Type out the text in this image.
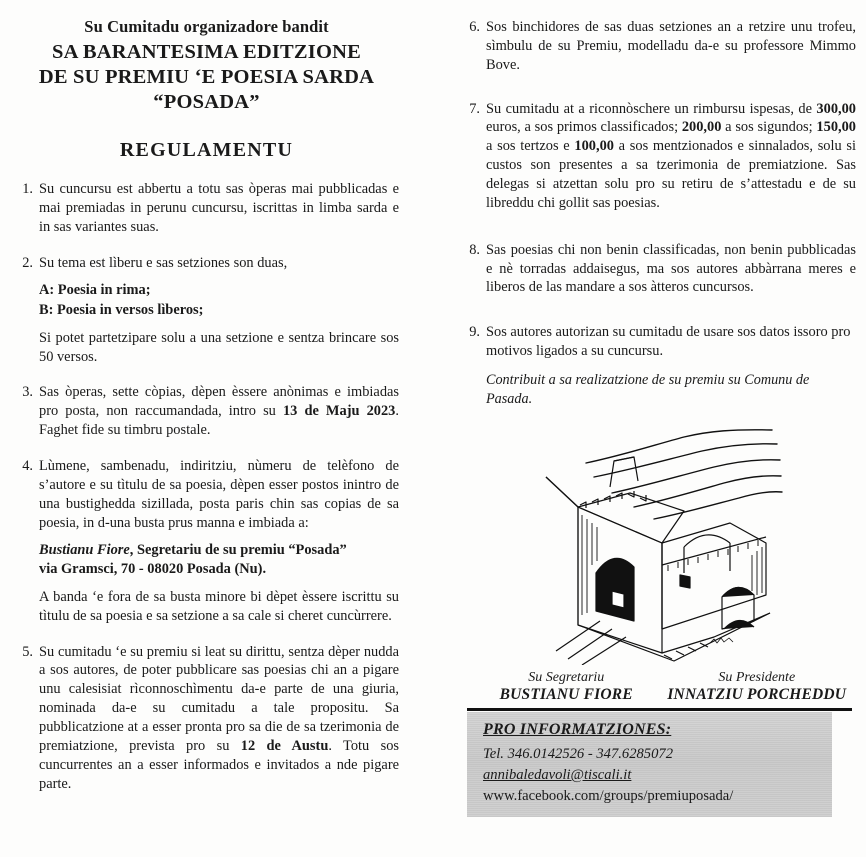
Su Cumitadu organizadore bandit
SA BARANTESIMA EDITZIONE
DE SU PREMIU ‘E POESIA SARDA
“POSADA”
REGULAMENTU
1. Su cuncursu est abbertu a totu sas òperas mai pubblicadas e mai premiadas in perunu cuncursu, iscrittas in limba sarda e in sas variantes suas.

2. Su tema est lìberu e sas setziones son duas,

A: Poesia in rima;

B: Poesia in versos lìberos;

Si potet partetzipare solu a una setzione e sentza brincare sos 50 versos.

3. Sas òperas, sette còpias, dèpen èssere anònimas e imbiadas pro posta, non raccumandada, intro su 13 de Maju 2023. Faghet fide su timbru postale.

4. Lùmene, sambenadu, indiritziu, nùmeru de telèfono de s’autore e su tìtulu de sa poesia, dèpen esser postos inintro de una bustighedda sizillada, posta paris chin sas copias de sa poesia, in d-una busta prus manna e imbiada a:

Bustianu Fiore, Segretariu de su premiu “Posada”
via Gramsci, 70 - 08020 Posada (Nu).

A banda ‘e fora de sa busta minore bi dèpet èssere iscrittu su tìtulu de sa poesia e sa setzione a sa cale si cheret cuncùrrere.

5. Su cumitadu ‘e su premiu si leat su dirittu, sentza dèper nudda a sos autores, de poter pubblicare sas poesias chi an a pigare unu calesisiat rìconnoschìmentu da-e parte de una giuria, nominada da-e su cumitadu a tale propositu. Sa pubblicatzione at a esser pronta pro sa die de sa tzerimonia de premiatzione, prevista pro su 12 de Austu. Totu sos cuncurrentes an a esser informados e invitados a nde pigare parte.

6. Sos binchidores de sas duas setziones an a retzire unu trofeu, sìmbulu de su Premiu, modelladu da-e su professore Mimmo Bove.

7. Su cumitadu at a riconnòschere un rimbursu ispesas, de 300,00 euros, a sos primos classificados; 200,00 a sos sigundos; 150,00 a sos tertzos e 100,00 a sos mentzionados e sinnalados, solu si custos son presentes a sa tzerimonia de premiatzione. Sas delegas si atzettan solu pro su retiru de s’attestadu e de su libreddu chi gollit sas poesias.

8. Sas poesias chi non benin classificadas, non benin pubblicadas e nè torradas addaisegus, ma sos autores abbàrrana meres e liberos de las mandare a sos àtteros cuncursos.

9. Sos autores autorizan su cumitadu de usare sos datos issoro pro motivos ligados a su cuncursu.

Contribuit a sa realizatzione de su premiu su Comunu de Pasada.
Su Segretariu
BUSTIANU FIORE
Su Presidente
INNATZIU PORCHEDDU
PRO INFORMATZIONES:
Tel. 346.0142526 - 347.6285072
annibaledavoli@tiscali.it
www.facebook.com/groups/premiuposada/
